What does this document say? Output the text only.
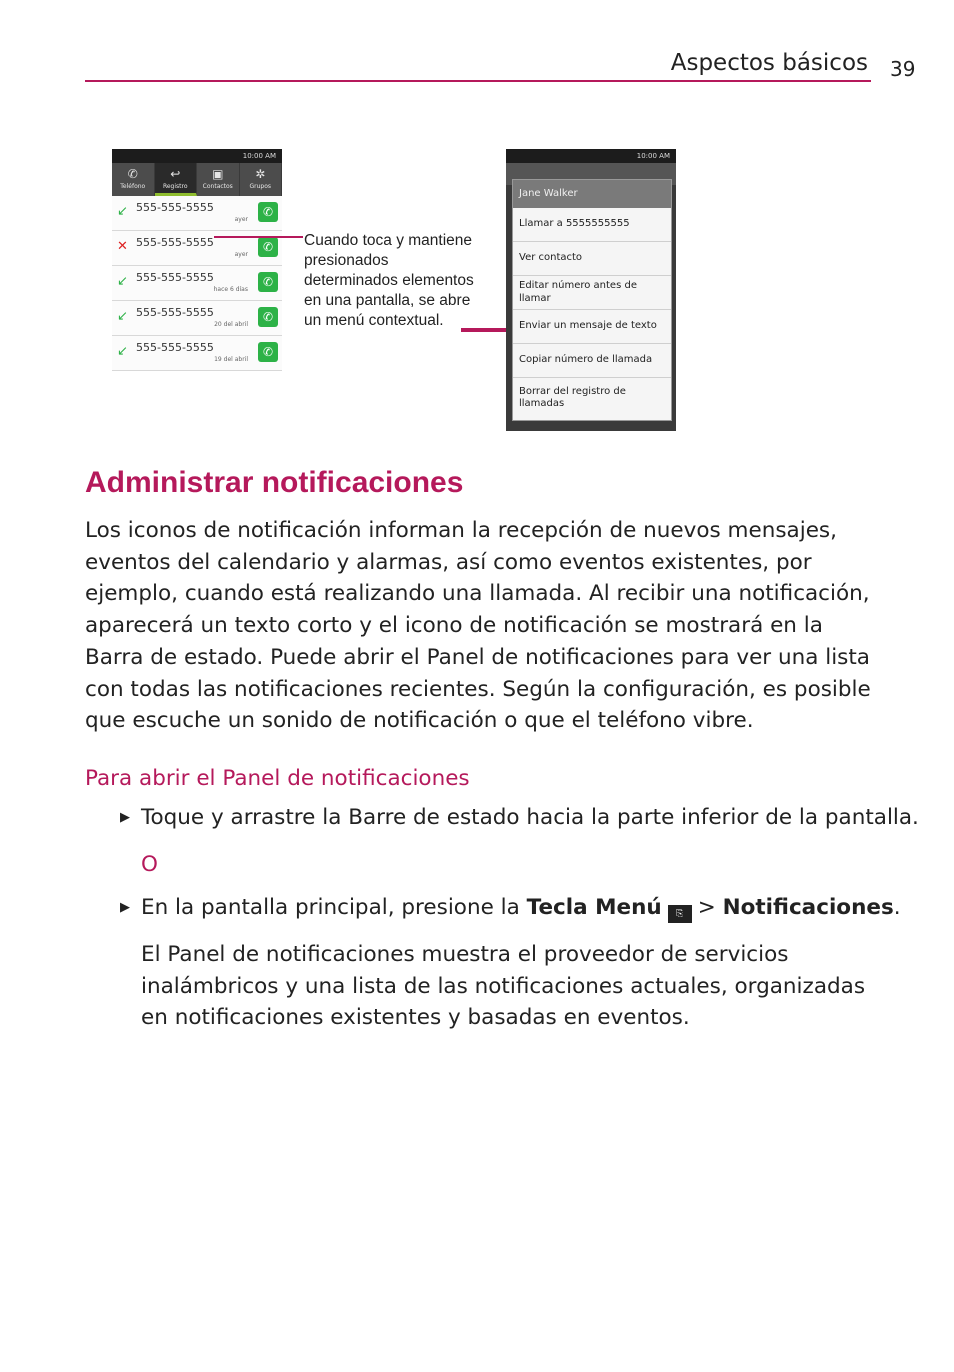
Aspectos básicos 39
10:00 AM
✆
Teléfono
↩
Registro
▣
Contactos
✲
Grupos
↙ 555-555-5555
ayer
✆
✕ 555-555-5555
ayer
✆
↙ 555-555-5555
hace 6 días
✆
↙ 555-555-5555
20 del abril
✆
↙ 555-555-5555
19 del abril
✆
Cuando toca y mantiene presionados determinados elementos en una pantalla, se abre un menú contextual.
10:00 AM
Jane Walker
Llamar a 5555555555
Ver contacto
Editar número antes de llamar
Enviar un mensaje de texto
Copiar número de llamada
Borrar del registro de llamadas
Administrar notificaciones
Los iconos de notificación informan la recepción de nuevos mensajes, eventos del calendario y alarmas, así como eventos existentes, por ejemplo, cuando está realizando una llamada. Al recibir una notificación, aparecerá un texto corto y el icono de notificación se mostrará en la Barra de estado. Puede abrir el Panel de notificaciones para ver una lista con todas las notificaciones recientes. Según la configuración, es posible que escuche un sonido de notificación o que el teléfono vibre.
Para abrir el Panel de notificaciones
▶ Toque y arrastre la Barre de estado hacia la parte inferior de la pantalla.
O
▶ En la pantalla principal, presione la Tecla Menú ⎘ > Notificaciones.
El Panel de notificaciones muestra el proveedor de servicios inalámbricos y una lista de las notificaciones actuales, organizadas en notificaciones existentes y basadas en eventos.
